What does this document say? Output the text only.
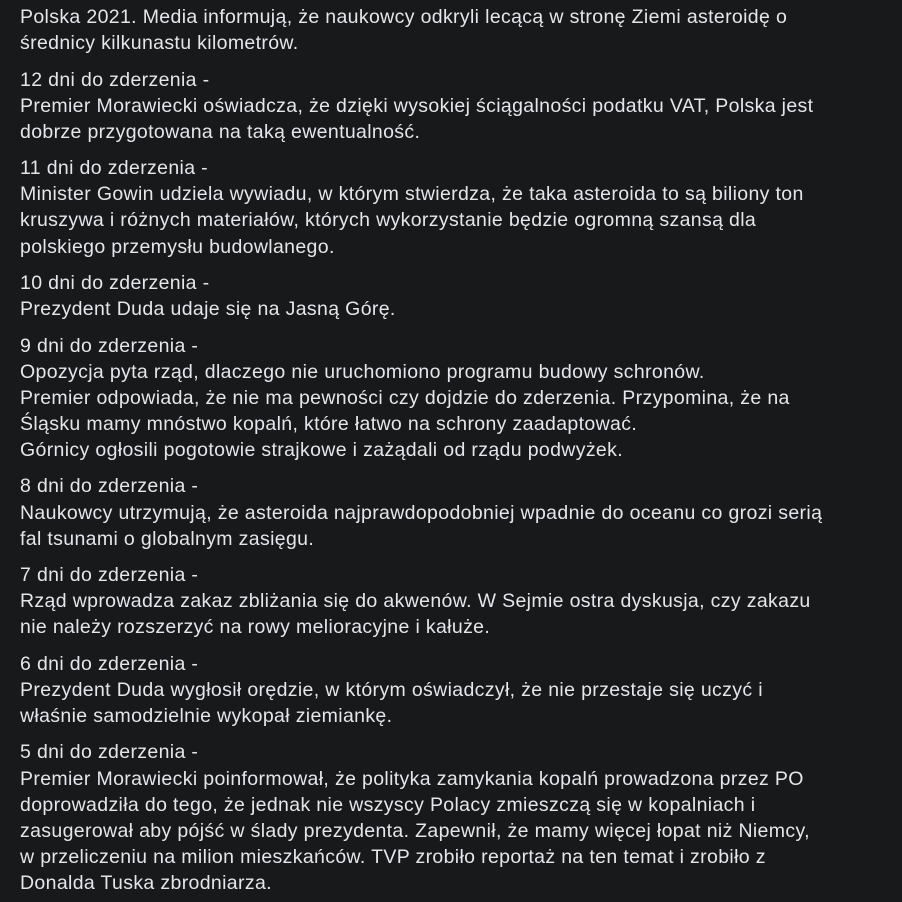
Polska 2021. Media informują, że naukowcy odkryli lecącą w stronę Ziemi asteroidę o
średnicy kilkunastu kilometrów.

12 dni do zderzenia -
Premier Morawiecki oświadcza, że dzięki wysokiej ściągalności podatku VAT, Polska jest
dobrze przygotowana na taką ewentualność.

11 dni do zderzenia -
Minister Gowin udziela wywiadu, w którym stwierdza, że taka asteroida to są biliony ton
kruszywa i różnych materiałów, których wykorzystanie będzie ogromną szansą dla
polskiego przemysłu budowlanego.

10 dni do zderzenia -
Prezydent Duda udaje się na Jasną Górę.

9 dni do zderzenia -
Opozycja pyta rząd, dlaczego nie uruchomiono programu budowy schronów.
Premier odpowiada, że nie ma pewności czy dojdzie do zderzenia. Przypomina, że na
Śląsku mamy mnóstwo kopalń, które łatwo na schrony zaadaptować.
Górnicy ogłosili pogotowie strajkowe i zażądali od rządu podwyżek.

8 dni do zderzenia -
Naukowcy utrzymują, że asteroida najprawdopodobniej wpadnie do oceanu co grozi serią
fal tsunami o globalnym zasięgu.

7 dni do zderzenia -
Rząd wprowadza zakaz zbliżania się do akwenów. W Sejmie ostra dyskusja, czy zakazu
nie należy rozszerzyć na rowy melioracyjne i kałuże.

6 dni do zderzenia -
Prezydent Duda wygłosił orędzie, w którym oświadczył, że nie przestaje się uczyć i
właśnie samodzielnie wykopał ziemiankę.

5 dni do zderzenia -
Premier Morawiecki poinformował, że polityka zamykania kopalń prowadzona przez PO
doprowadziła do tego, że jednak nie wszyscy Polacy zmieszczą się w kopalniach i
zasugerował aby pójść w ślady prezydenta. Zapewnił, że mamy więcej łopat niż Niemcy,
w przeliczeniu na milion mieszkańców. TVP zrobiło reportaż na ten temat i zrobiło z
Donalda Tuska zbrodniarza.
